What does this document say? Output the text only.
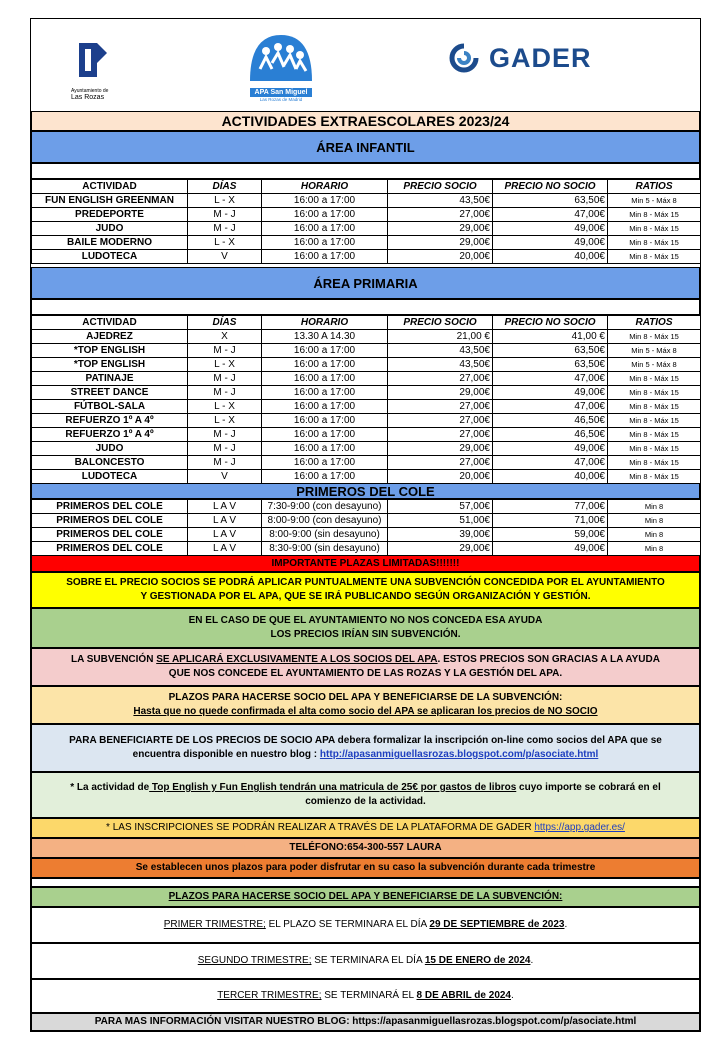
Ayuntamiento de
Las Rozas
APA San Miguel
Las Rozas de Madrid
GADER
ACTIVIDADES EXTRAESCOLARES 2023/24
ÁREA INFANTIL
ACTIVIDAD	DÍAS	HORARIO	PRECIO SOCIO	PRECIO NO SOCIO	RATIOS
FUN ENGLISH GREENMAN	L - X	16:00 a 17:00	43,50€	63,50€	Min 5 - Máx 8
PREDEPORTE	M - J	16:00 a 17:00	27,00€	47,00€	Min 8 - Máx 15
JUDO	M - J	16:00 a 17:00	29,00€	49,00€	Min 8 - Máx 15
BAILE MODERNO	L - X	16:00 a 17:00	29,00€	49,00€	Min 8 - Máx 15
LUDOTECA	V	16:00 a 17:00	20,00€	40,00€	Min 8 - Máx 15
ÁREA PRIMARIA
ACTIVIDAD	DÍAS	HORARIO	PRECIO SOCIO	PRECIO NO SOCIO	RATIOS
AJEDREZ	X	13.30 A 14.30	21,00 €	41,00 €	Min 8 - Máx 15
*TOP ENGLISH	M - J	16:00 a 17:00	43,50€	63,50€	Min 5 - Máx 8
*TOP ENGLISH	L - X	16:00 a 17:00	43,50€	63,50€	Min 5 - Máx 8
PATINAJE	M - J	16:00 a 17:00	27,00€	47,00€	Min 8 - Máx 15
STREET DANCE	M - J	16:00 a 17:00	29,00€	49,00€	Min 8 - Máx 15
FÚTBOL-SALA	L - X	16:00 a 17:00	27,00€	47,00€	Min 8 - Máx 15
REFUERZO 1º A 4º	L - X	16:00 a 17:00	27,00€	46,50€	Min 8 - Máx 15
REFUERZO 1º A 4º	M - J	16:00 a 17:00	27,00€	46,50€	Min 8 - Máx 15
JUDO	M - J	16:00 a 17:00	29,00€	49,00€	Min 8 - Máx 15
BALONCESTO	M - J	16:00 a 17:00	27,00€	47,00€	Min 8 - Máx 15
LUDOTECA	V	16:00 a 17:00	20,00€	40,00€	Min 8 - Máx 15
PRIMEROS DEL COLE
PRIMEROS DEL COLE	L A V	7:30-9:00 (con desayuno)	57,00€	77,00€	Min 8
PRIMEROS DEL COLE	L A V	8:00-9:00 (con desayuno)	51,00€	71,00€	Min 8
PRIMEROS DEL COLE	L A V	8:00-9:00 (sin desayuno)	39,00€	59,00€	Min 8
PRIMEROS DEL COLE	L A V	8:30-9:00 (sin desayuno)	29,00€	49,00€	Min 8
IMPORTANTE PLAZAS LIMITADAS!!!!!!!
SOBRE EL PRECIO SOCIOS SE PODRÁ APLICAR PUNTUALMENTE UNA SUBVENCIÓN CONCEDIDA POR EL AYUNTAMIENTO
Y GESTIONADA POR EL APA, QUE SE IRÁ PUBLICANDO SEGÚN ORGANIZACIÓN Y GESTIÓN.
EN EL CASO DE QUE EL AYUNTAMIENTO NO NOS CONCEDA ESA AYUDA
LOS PRECIOS IRÍAN SIN SUBVENCIÓN.
LA SUBVENCIÓN SE APLICARÁ EXCLUSIVAMENTE A LOS SOCIOS DEL APA. ESTOS PRECIOS SON GRACIAS A LA AYUDA
QUE NOS CONCEDE EL AYUNTAMIENTO DE LAS ROZAS Y LA GESTIÓN DEL APA.
PLAZOS PARA HACERSE SOCIO DEL APA Y BENEFICIARSE DE LA SUBVENCIÓN:
Hasta que no quede confirmada el alta como socio del APA se aplicaran los precios de NO SOCIO
PARA BENEFICIARTE DE LOS PRECIOS DE SOCIO APA debera formalizar la inscripción on-line como socios del APA que se
encuentra disponible en nuestro blog : http://apasanmiguellasrozas.blogspot.com/p/asociate.html
* La actividad de Top English y Fun English tendrán una matricula de 25€ por gastos de libros cuyo importe se cobrará en el
comienzo de la actividad.
* LAS INSCRIPCIONES SE PODRÁN REALIZAR A TRAVÉS DE LA PLATAFORMA DE GADER https://app.gader.es/
TELÉFONO:654-300-557 LAURA
Se establecen unos plazos para poder disfrutar en su caso la subvención durante cada trimestre
PLAZOS PARA HACERSE SOCIO DEL APA Y BENEFICIARSE DE LA SUBVENCIÓN:
PRIMER TRIMESTRE; EL PLAZO SE TERMINARA EL DÍA 29 DE SEPTIEMBRE de 2023.
SEGUNDO TRIMESTRE; SE TERMINARA EL DÍA 15 DE ENERO de 2024.
TERCER TRIMESTRE; SE TERMINARÁ EL 8 DE ABRIL de 2024.
PARA MAS INFORMACIÓN VISITAR NUESTRO BLOG: https://apasanmiguellasrozas.blogspot.com/p/asociate.html
